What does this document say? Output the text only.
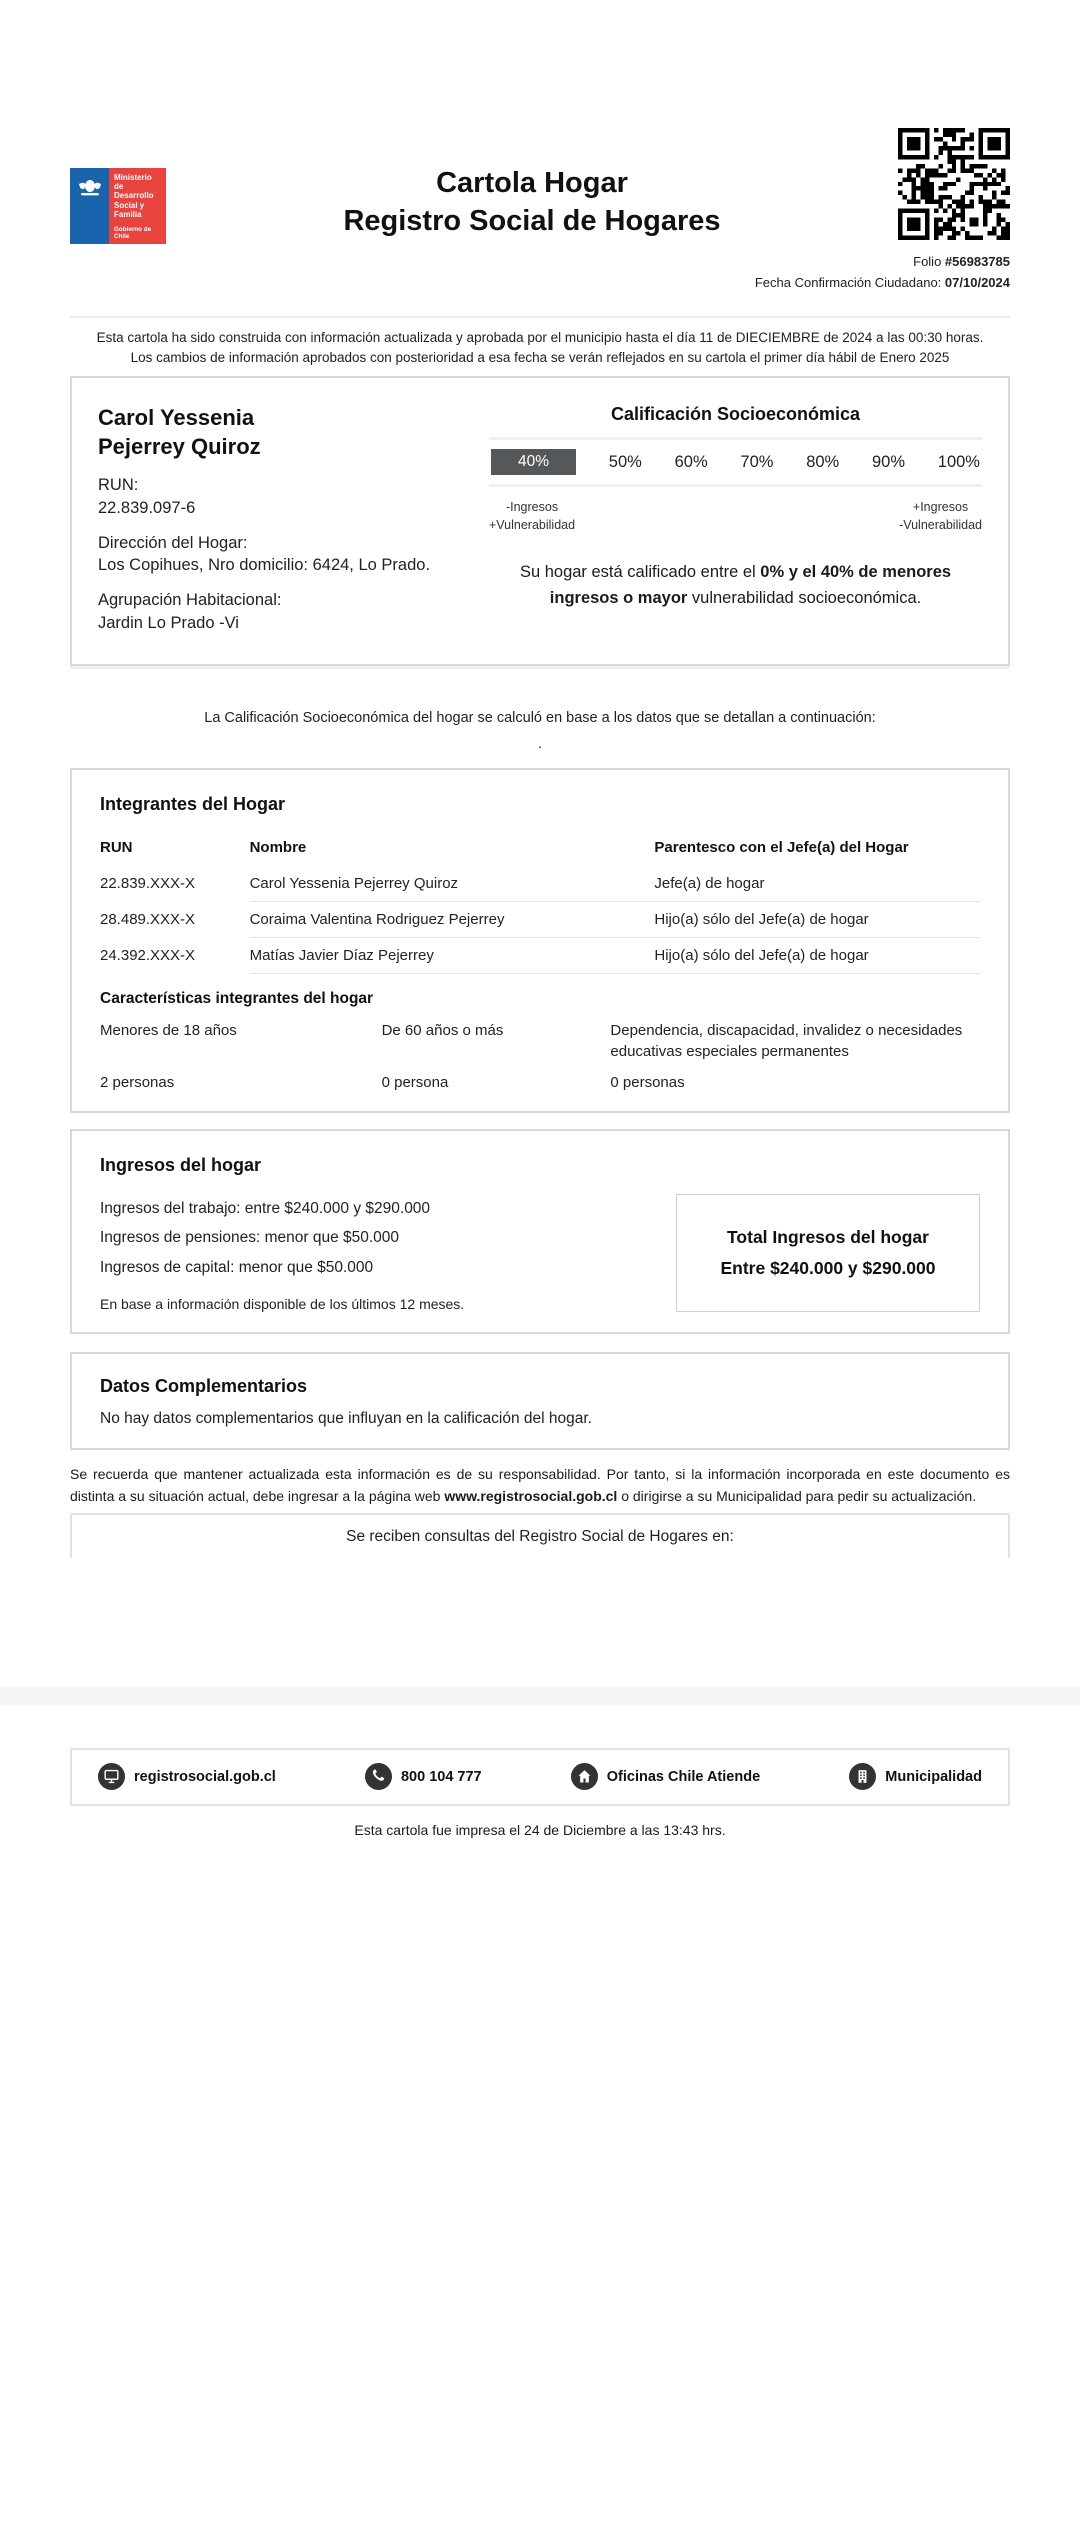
Ministerio de Desarrollo Social y Familia
Gobierno de Chile
Cartola Hogar
Registro Social de Hogares
Folio #56983785
Fecha Confirmación Ciudadano: 07/10/2024
Esta cartola ha sido construida con información actualizada y aprobada por el municipio hasta el día 11 de DIECIEMBRE de 2024 a las 00:30 horas. Los cambios de información aprobados con posterioridad a esa fecha se verán reflejados en su cartola el primer día hábil de Enero 2025
Carol Yessenia
Pejerrey Quiroz
RUN:
22.839.097-6
Dirección del Hogar:
Los Copihues, Nro domicilio: 6424, Lo Prado.
Agrupación Habitacional:
Jardin Lo Prado -Vi
Calificación Socioeconómica
40%	50% 60% 70% 80% 90% 100%
-Ingresos
+Vulnerabilidad
+Ingresos
-Vulnerabilidad
Su hogar está calificado entre el 0% y el 40% de menores ingresos o mayor vulnerabilidad socioeconómica.
La Calificación Socioeconómica del hogar se calculó en base a los datos que se detallan a continuación:
.
Integrantes del Hogar
RUN	Nombre	Parentesco con el Jefe(a) del Hogar
22.839.XXX-X	Carol Yessenia Pejerrey Quiroz	Jefe(a) de hogar
28.489.XXX-X	Coraima Valentina Rodriguez Pejerrey	Hijo(a) sólo del Jefe(a) de hogar
24.392.XXX-X	Matías Javier Díaz Pejerrey	Hijo(a) sólo del Jefe(a) de hogar
Características integrantes del hogar
Menores de 18 años	De 60 años o más	Dependencia, discapacidad, invalidez o necesidades educativas especiales permanentes
2 personas	0 persona	0 personas
Ingresos del hogar
Ingresos del trabajo: entre $240.000 y $290.000
Ingresos de pensiones: menor que $50.000
Ingresos de capital: menor que $50.000
En base a información disponible de los últimos 12 meses.
Total Ingresos del hogar
Entre $240.000 y $290.000
Datos Complementarios
No hay datos complementarios que influyan en la calificación del hogar.
Se recuerda que mantener actualizada esta información es de su responsabilidad. Por tanto, si la información incorporada en este documento es distinta a su situación actual, debe ingresar a la página web www.registrosocial.gob.cl o dirigirse a su Municipalidad para pedir su actualización.
Se reciben consultas del Registro Social de Hogares en:
registrosocial.gob.cl	800 104 777	Oficinas Chile Atiende	Municipalidad
Esta cartola fue impresa el 24 de Diciembre a las 13:43 hrs.
